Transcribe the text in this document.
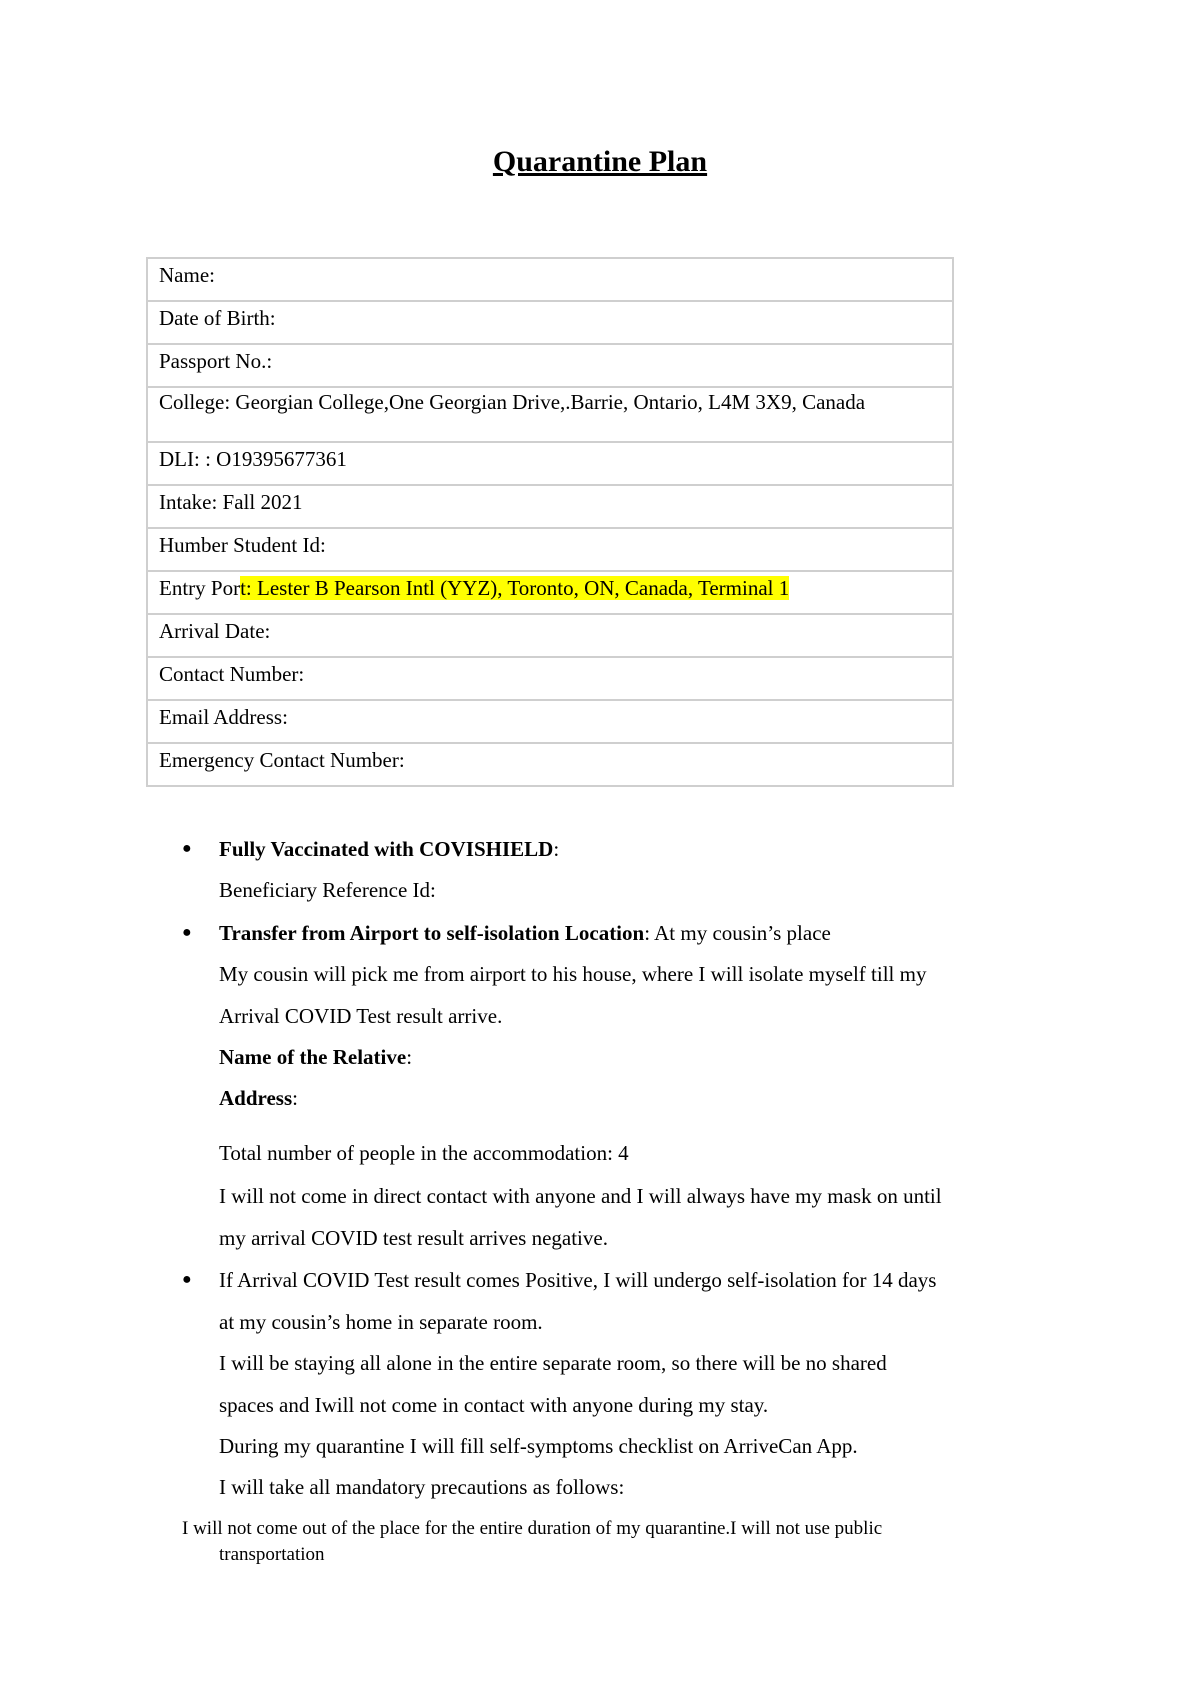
Quarantine Plan
Name:
Date of Birth:
Passport No.:
College: Georgian College,One Georgian Drive,.Barrie, Ontario, L4M 3X9, Canada
DLI: : O19395677361
Intake: Fall 2021
Humber Student Id:
Entry Port: Lester B Pearson Intl (YYZ), Toronto, ON, Canada, Terminal 1
Arrival Date:
Contact Number:
Email Address:
Emergency Contact Number:
● Fully Vaccinated with COVISHIELD:
Beneficiary Reference Id:
● Transfer from Airport to self-isolation Location: At my cousin’s place
My cousin will pick me from airport to his house, where I will isolate myself till my
Arrival COVID Test result arrive.
Name of the Relative:
Address:
Total number of people in the accommodation: 4
I will not come in direct contact with anyone and I will always have my mask on until
my arrival COVID test result arrives negative.
● If Arrival COVID Test result comes Positive, I will undergo self-isolation for 14 days
at my cousin’s home in separate room.
I will be staying all alone in the entire separate room, so there will be no shared
spaces and Iwill not come in contact with anyone during my stay.
During my quarantine I will fill self-symptoms checklist on ArriveCan App.
I will take all mandatory precautions as follows:
I will not come out of the place for the entire duration of my quarantine.I will not use public
transportation
